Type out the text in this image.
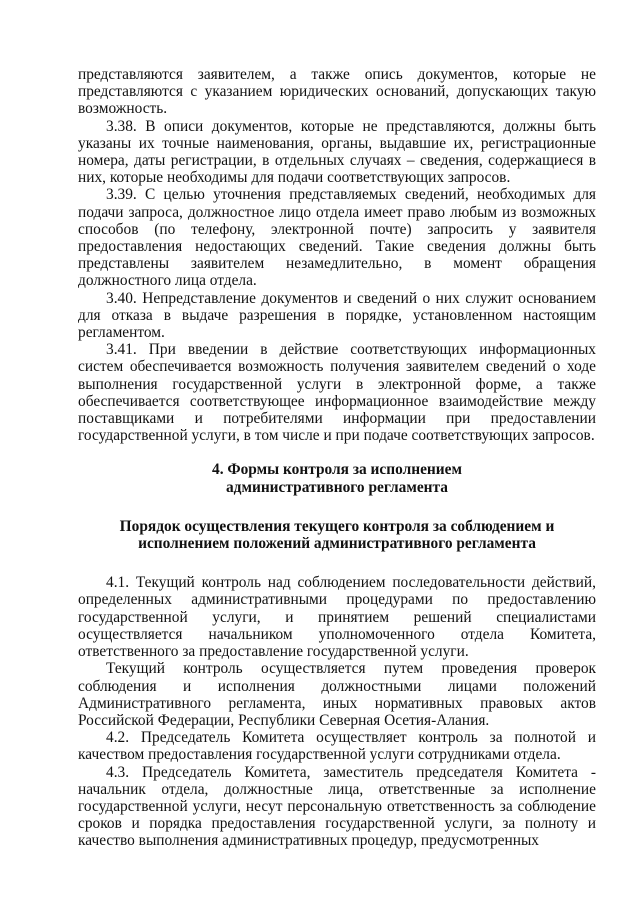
представляются заявителем, а также опись документов, которые не представляются с указанием юридических оснований, допускающих такую возможность.

3.38. В описи документов, которые не представляются, должны быть указаны их точные наименования, органы, выдавшие их, регистрационные номера, даты регистрации, в отдельных случаях – сведения, содержащиеся в них, которые необходимы для подачи соответствующих запросов.

3.39. С целью уточнения представляемых сведений, необходимых для подачи запроса, должностное лицо отдела имеет право любым из возможных способов (по телефону, электронной почте) запросить у заявителя предоставления недостающих сведений. Такие сведения должны быть представлены заявителем незамедлительно, в момент обращения должностного лица отдела.

3.40. Непредставление документов и сведений о них служит основанием для отказа в выдаче разрешения в порядке, установленном настоящим регламентом.

3.41. При введении в действие соответствующих информационных систем обеспечивается возможность получения заявителем сведений о ходе выполнения государственной услуги в электронной форме, а также обеспечивается соответствующее информационное взаимодействие между поставщиками и потребителями информации при предоставлении государственной услуги, в том числе и при подаче соответствующих запросов.

4. Формы контроля за исполнением
административного регламента
Порядок осуществления текущего контроля за соблюдением и
исполнением положений административного регламента

4.1. Текущий контроль над соблюдением последовательности действий, определенных административными процедурами по предоставлению государственной услуги, и принятием решений специалистами осуществляется начальником уполномоченного отдела Комитета, ответственного за предоставление государственной услуги.

Текущий контроль осуществляется путем проведения проверок соблюдения и исполнения должностными лицами положений Административного регламента, иных нормативных правовых актов Российской Федерации, Республики Северная Осетия-Алания.

4.2. Председатель Комитета осуществляет контроль за полнотой и качеством предоставления государственной услуги сотрудниками отдела.

4.3. Председатель Комитета, заместитель председателя Комитета - начальник отдела, должностные лица, ответственные за исполнение государственной услуги, несут персональную ответственность за соблюдение сроков и порядка предоставления государственной услуги, за полноту и качество выполнения административных процедур, предусмотренных
